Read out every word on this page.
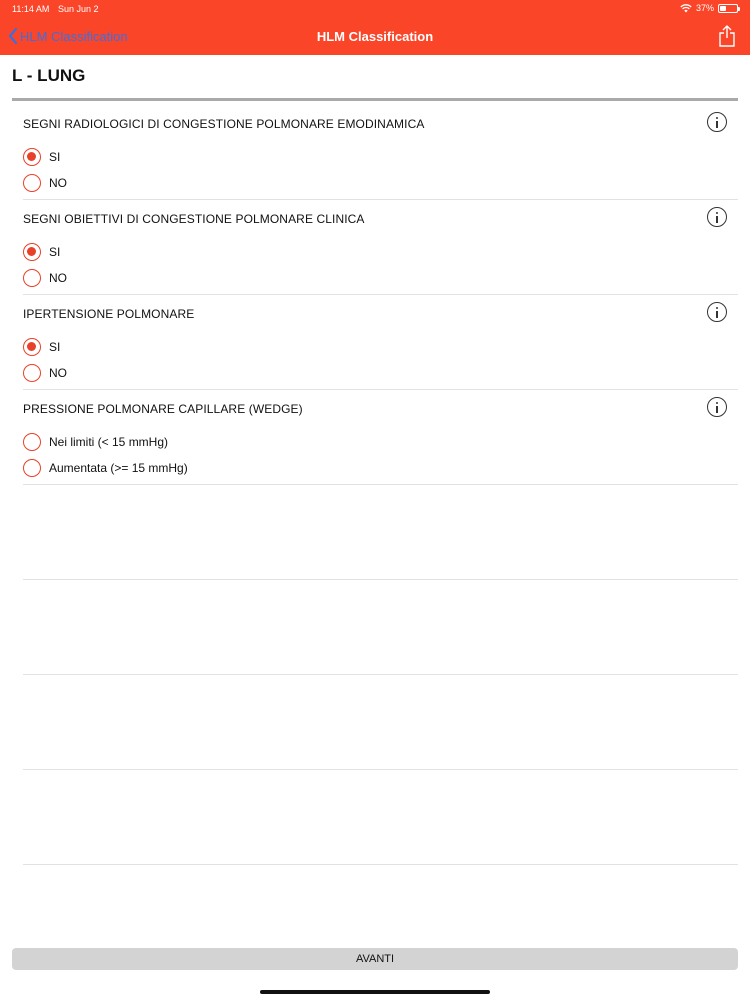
11:14 AM Sun Jun 2	37%
HLM Classification	HLM Classification
L - LUNG
SEGNI RADIOLOGICI DI CONGESTIONE POLMONARE EMODINAMICA
SI
NO
SEGNI OBIETTIVI DI CONGESTIONE POLMONARE CLINICA
SI
NO
IPERTENSIONE POLMONARE
SI
NO
PRESSIONE POLMONARE CAPILLARE (WEDGE)
Nei limiti (< 15 mmHg)
Aumentata (>= 15 mmHg)
AVANTI
